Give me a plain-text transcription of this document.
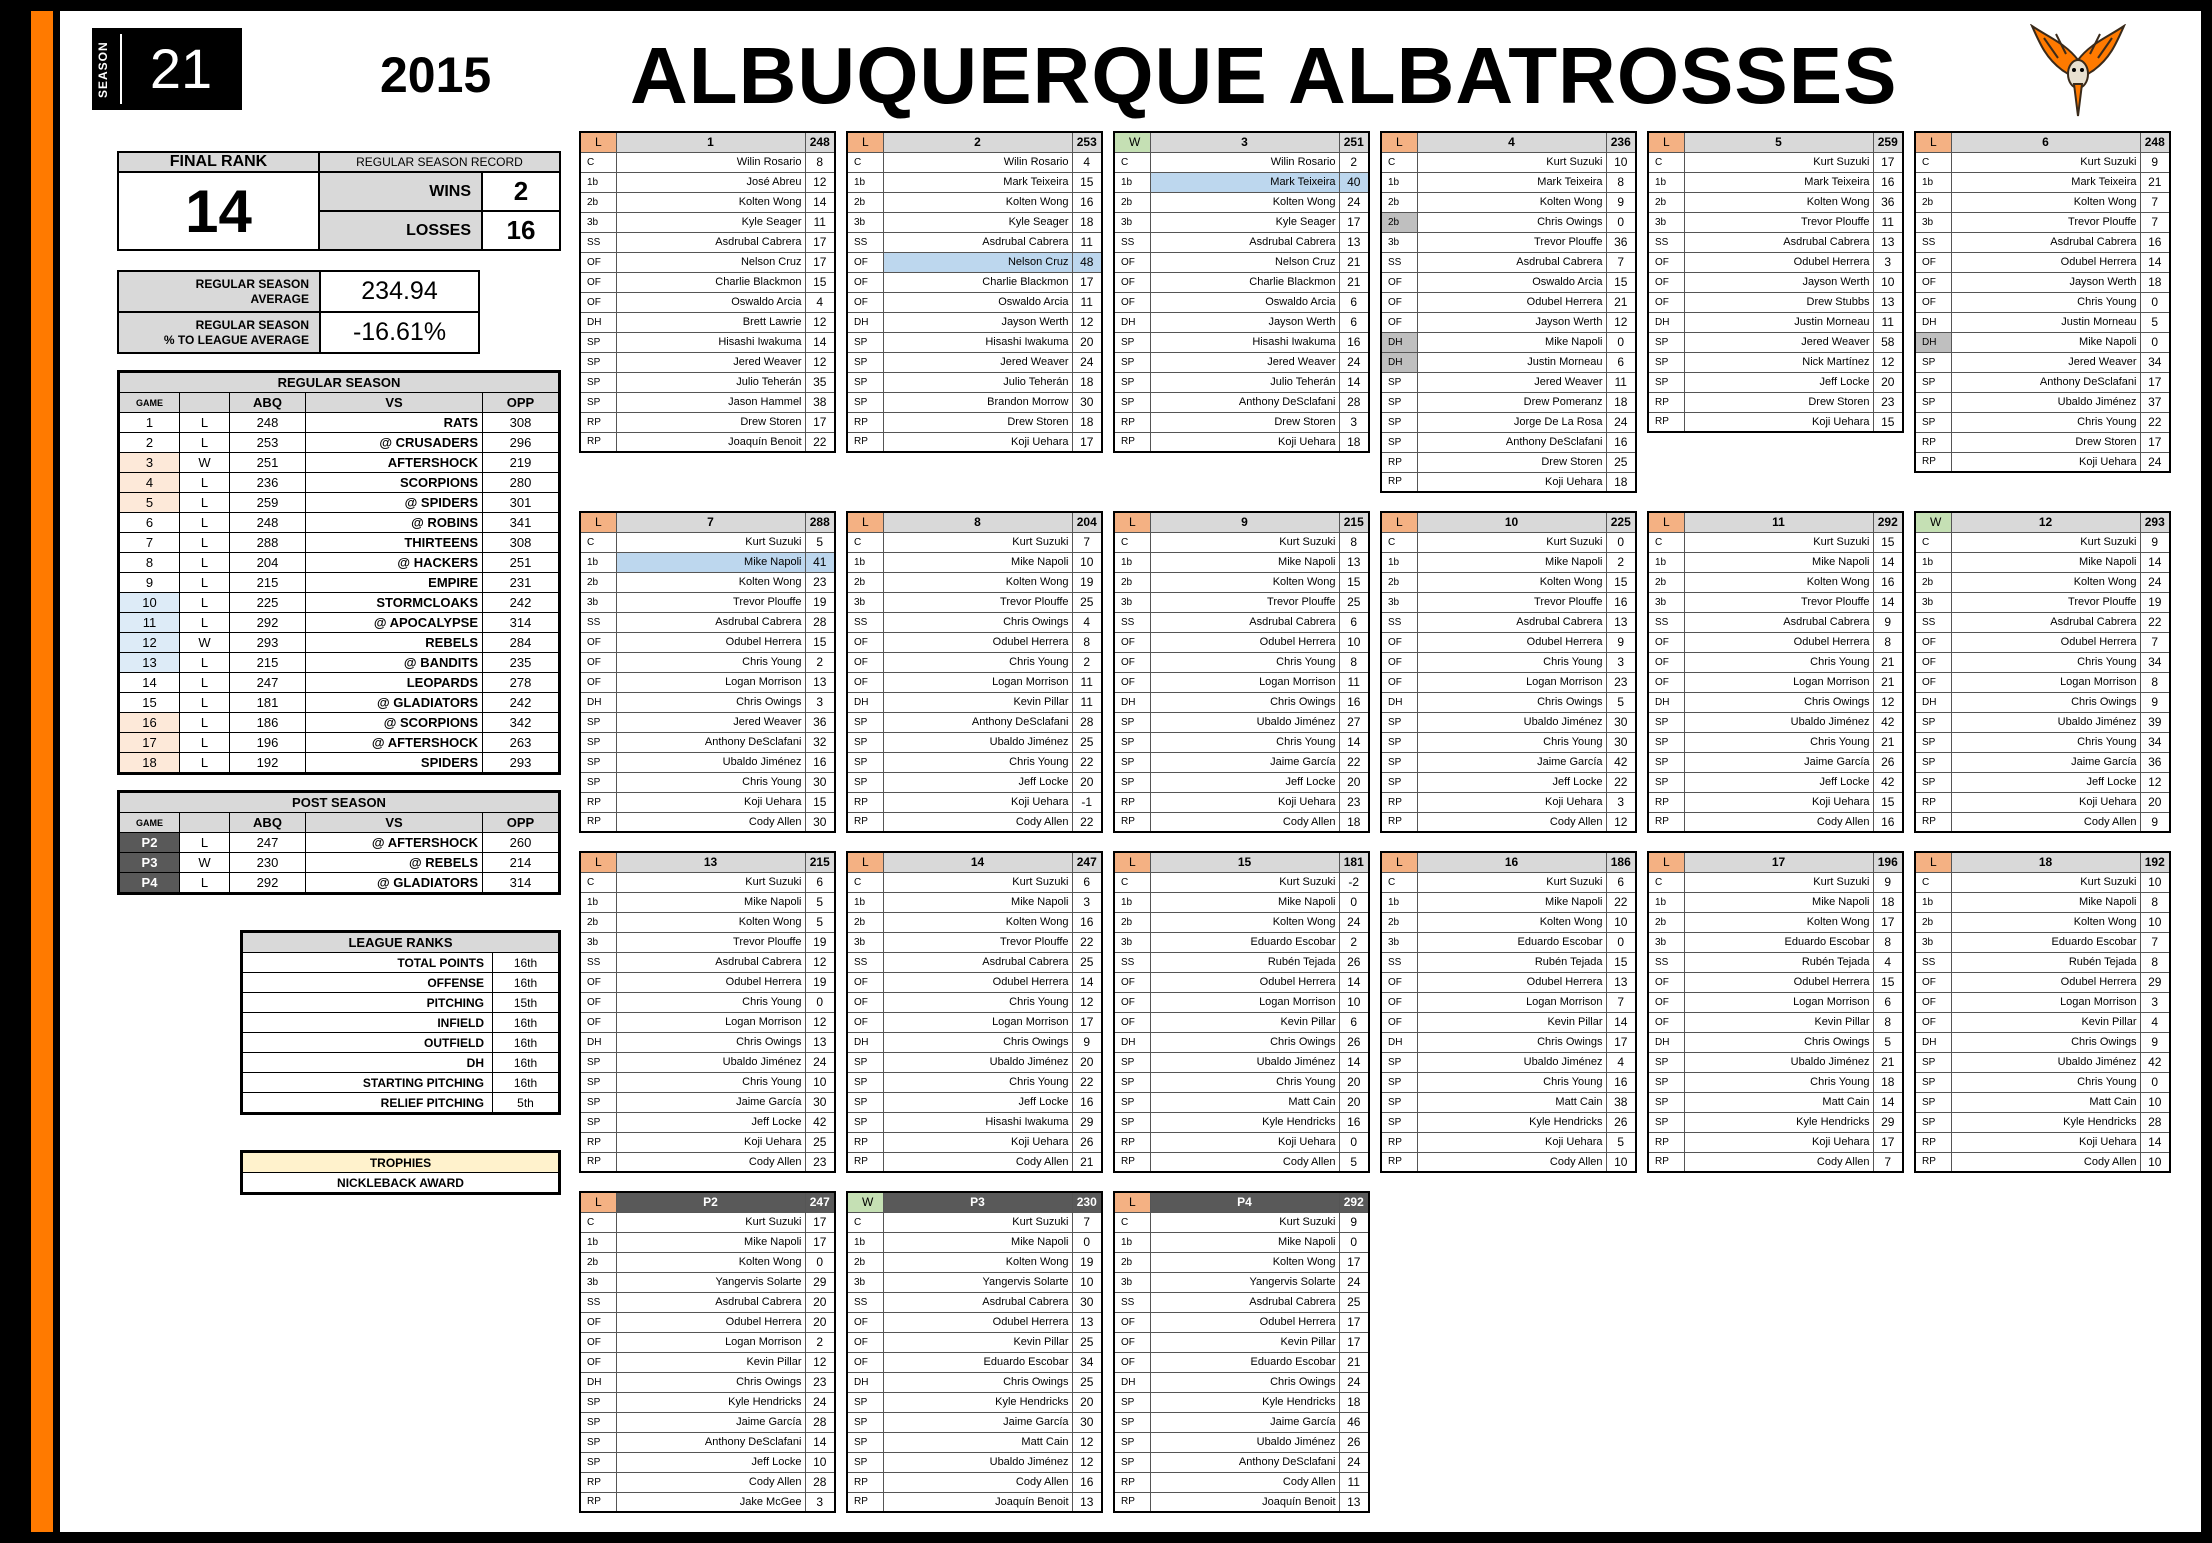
SEASON 21	2015 ALBUQUERQUE ALBATROSSES
FINAL RANK	REGULAR SEASON RECORD	
14	WINS	2
	LOSSES	16
REGULAR SEASON
AVERAGE	234.94

REGULAR SEASON
% TO LEAGUE AVERAGE	-16.61%
REGULAR SEASON				
GAME		ABQ	VS	OPP
1	L	248	RATS	308
2	L	253	@ CRUSADERS	296
3	W	251	AFTERSHOCK	219
4	L	236	SCORPIONS	280
5	L	259	@ SPIDERS	301
6	L	248	@ ROBINS	341
7	L	288	THIRTEENS	308
8	L	204	@ HACKERS	251
9	L	215	EMPIRE	231
10	L	225	STORMCLOAKS	242
11	L	292	@ APOCALYPSE	314
12	W	293	REBELS	284
13	L	215	@ BANDITS	235
14	L	247	LEOPARDS	278
15	L	181	@ GLADIATORS	242
16	L	186	@ SCORPIONS	342
17	L	196	@ AFTERSHOCK	263
18	L	192	SPIDERS	293
POST SEASON				
GAME		ABQ	VS	OPP
P2	L	247	@ AFTERSHOCK	260
P3	W	230	@ REBELS	214
P4	L	292	@ GLADIATORS	314
LEAGUE RANKS	
TOTAL POINTS	16th
OFFENSE	16th
PITCHING	15th
INFIELD	16th
OUTFIELD	16th
DH	16th
STARTING PITCHING	16th
RELIEF PITCHING	5th
TROPHIES
NICKLEBACK AWARD
L	1	248
C	Wilin Rosario	8
1b	José Abreu	12
2b	Kolten Wong	14
3b	Kyle Seager	11
SS	Asdrubal Cabrera	17
OF	Nelson Cruz	17
OF	Charlie Blackmon	15
OF	Oswaldo Arcia	4
DH	Brett Lawrie	12
SP	Hisashi Iwakuma	14
SP	Jered Weaver	12
SP	Julio Teherán	35
SP	Jason Hammel	38
RP	Drew Storen	17
RP	Joaquín Benoit	22
L	2	253
C	Wilin Rosario	4
1b	Mark Teixeira	15
2b	Kolten Wong	16
3b	Kyle Seager	18
SS	Asdrubal Cabrera	11
OF	Nelson Cruz	48
OF	Charlie Blackmon	17
OF	Oswaldo Arcia	11
DH	Jayson Werth	12
SP	Hisashi Iwakuma	20
SP	Jered Weaver	24
SP	Julio Teherán	18
SP	Brandon Morrow	30
RP	Drew Storen	18
RP	Koji Uehara	17
W	3	251
C	Wilin Rosario	2
1b	Mark Teixeira	40
2b	Kolten Wong	24
3b	Kyle Seager	17
SS	Asdrubal Cabrera	13
OF	Nelson Cruz	21
OF	Charlie Blackmon	21
OF	Oswaldo Arcia	6
DH	Jayson Werth	6
SP	Hisashi Iwakuma	16
SP	Jered Weaver	24
SP	Julio Teherán	14
SP	Anthony DeSclafani	28
RP	Drew Storen	3
RP	Koji Uehara	18
L	4	236
C	Kurt Suzuki	10
1b	Mark Teixeira	8
2b	Kolten Wong	9
2b	Chris Owings	0
3b	Trevor Plouffe	36
SS	Asdrubal Cabrera	7
OF	Oswaldo Arcia	15
OF	Odubel Herrera	21
OF	Jayson Werth	12
DH	Mike Napoli	0
DH	Justin Morneau	6
SP	Jered Weaver	11
SP	Drew Pomeranz	18
SP	Jorge De La Rosa	24
SP	Anthony DeSclafani	16
RP	Drew Storen	25
RP	Koji Uehara	18
L	5	259
C	Kurt Suzuki	17
1b	Mark Teixeira	16
2b	Kolten Wong	36
3b	Trevor Plouffe	11
SS	Asdrubal Cabrera	13
OF	Odubel Herrera	3
OF	Jayson Werth	10
OF	Drew Stubbs	13
DH	Justin Morneau	11
SP	Jered Weaver	58
SP	Nick Martínez	12
SP	Jeff Locke	20
RP	Drew Storen	23
RP	Koji Uehara	15
L	6	248
C	Kurt Suzuki	9
1b	Mark Teixeira	21
2b	Kolten Wong	7
3b	Trevor Plouffe	7
SS	Asdrubal Cabrera	16
OF	Odubel Herrera	14
OF	Jayson Werth	18
OF	Chris Young	0
DH	Justin Morneau	5
DH	Mike Napoli	0
SP	Jered Weaver	34
SP	Anthony DeSclafani	17
SP	Ubaldo Jiménez	37
SP	Chris Young	22
RP	Drew Storen	17
RP	Koji Uehara	24
L	7	288
C	Kurt Suzuki	5
1b	Mike Napoli	41
2b	Kolten Wong	23
3b	Trevor Plouffe	19
SS	Asdrubal Cabrera	28
OF	Odubel Herrera	15
OF	Chris Young	2
OF	Logan Morrison	13
DH	Chris Owings	3
SP	Jered Weaver	36
SP	Anthony DeSclafani	32
SP	Ubaldo Jiménez	16
SP	Chris Young	30
RP	Koji Uehara	15
RP	Cody Allen	30
L	8	204
C	Kurt Suzuki	7
1b	Mike Napoli	10
2b	Kolten Wong	19
3b	Trevor Plouffe	25
SS	Chris Owings	4
OF	Odubel Herrera	8
OF	Chris Young	2
OF	Logan Morrison	11
DH	Kevin Pillar	11
SP	Anthony DeSclafani	28
SP	Ubaldo Jiménez	25
SP	Chris Young	22
SP	Jeff Locke	20
RP	Koji Uehara	-1
RP	Cody Allen	22
L	9	215
C	Kurt Suzuki	8
1b	Mike Napoli	13
2b	Kolten Wong	15
3b	Trevor Plouffe	25
SS	Asdrubal Cabrera	6
OF	Odubel Herrera	10
OF	Chris Young	8
OF	Logan Morrison	11
DH	Chris Owings	16
SP	Ubaldo Jiménez	27
SP	Chris Young	14
SP	Jaime García	22
SP	Jeff Locke	20
RP	Koji Uehara	23
RP	Cody Allen	18
L	10	225
C	Kurt Suzuki	0
1b	Mike Napoli	2
2b	Kolten Wong	15
3b	Trevor Plouffe	16
SS	Asdrubal Cabrera	13
OF	Odubel Herrera	9
OF	Chris Young	3
OF	Logan Morrison	23
DH	Chris Owings	5
SP	Ubaldo Jiménez	30
SP	Chris Young	30
SP	Jaime García	42
SP	Jeff Locke	22
RP	Koji Uehara	3
RP	Cody Allen	12
L	11	292
C	Kurt Suzuki	15
1b	Mike Napoli	14
2b	Kolten Wong	16
3b	Trevor Plouffe	14
SS	Asdrubal Cabrera	9
OF	Odubel Herrera	8
OF	Chris Young	21
OF	Logan Morrison	21
DH	Chris Owings	12
SP	Ubaldo Jiménez	42
SP	Chris Young	21
SP	Jaime García	26
SP	Jeff Locke	42
RP	Koji Uehara	15
RP	Cody Allen	16
W	12	293
C	Kurt Suzuki	9
1b	Mike Napoli	14
2b	Kolten Wong	24
3b	Trevor Plouffe	19
SS	Asdrubal Cabrera	22
OF	Odubel Herrera	7
OF	Chris Young	34
OF	Logan Morrison	8
DH	Chris Owings	9
SP	Ubaldo Jiménez	39
SP	Chris Young	34
SP	Jaime García	36
SP	Jeff Locke	12
RP	Koji Uehara	20
RP	Cody Allen	9
L	13	215
C	Kurt Suzuki	6
1b	Mike Napoli	5
2b	Kolten Wong	5
3b	Trevor Plouffe	19
SS	Asdrubal Cabrera	12
OF	Odubel Herrera	19
OF	Chris Young	0
OF	Logan Morrison	12
DH	Chris Owings	13
SP	Ubaldo Jiménez	24
SP	Chris Young	10
SP	Jaime García	30
SP	Jeff Locke	42
RP	Koji Uehara	25
RP	Cody Allen	23
L	14	247
C	Kurt Suzuki	6
1b	Mike Napoli	3
2b	Kolten Wong	16
3b	Trevor Plouffe	22
SS	Asdrubal Cabrera	25
OF	Odubel Herrera	14
OF	Chris Young	12
OF	Logan Morrison	17
DH	Chris Owings	9
SP	Ubaldo Jiménez	20
SP	Chris Young	22
SP	Jeff Locke	16
SP	Hisashi Iwakuma	29
RP	Koji Uehara	26
RP	Cody Allen	21
L	15	181
C	Kurt Suzuki	-2
1b	Mike Napoli	0
2b	Kolten Wong	24
3b	Eduardo Escobar	2
SS	Rubén Tejada	26
OF	Odubel Herrera	14
OF	Logan Morrison	10
OF	Kevin Pillar	6
DH	Chris Owings	26
SP	Ubaldo Jiménez	14
SP	Chris Young	20
SP	Matt Cain	20
SP	Kyle Hendricks	16
RP	Koji Uehara	0
RP	Cody Allen	5
L	16	186
C	Kurt Suzuki	6
1b	Mike Napoli	22
2b	Kolten Wong	10
3b	Eduardo Escobar	0
SS	Rubén Tejada	15
OF	Odubel Herrera	13
OF	Logan Morrison	7
OF	Kevin Pillar	14
DH	Chris Owings	17
SP	Ubaldo Jiménez	4
SP	Chris Young	16
SP	Matt Cain	38
SP	Kyle Hendricks	26
RP	Koji Uehara	5
RP	Cody Allen	10
L	17	196
C	Kurt Suzuki	9
1b	Mike Napoli	18
2b	Kolten Wong	17
3b	Eduardo Escobar	8
SS	Rubén Tejada	4
OF	Odubel Herrera	15
OF	Logan Morrison	6
OF	Kevin Pillar	8
DH	Chris Owings	5
SP	Ubaldo Jiménez	21
SP	Chris Young	18
SP	Matt Cain	14
SP	Kyle Hendricks	29
RP	Koji Uehara	17
RP	Cody Allen	7
L	18	192
C	Kurt Suzuki	10
1b	Mike Napoli	8
2b	Kolten Wong	10
3b	Eduardo Escobar	7
SS	Rubén Tejada	8
OF	Odubel Herrera	29
OF	Logan Morrison	3
OF	Kevin Pillar	4
DH	Chris Owings	9
SP	Ubaldo Jiménez	42
SP	Chris Young	0
SP	Matt Cain	10
SP	Kyle Hendricks	28
RP	Koji Uehara	14
RP	Cody Allen	10
L	P2	247
C	Kurt Suzuki	17
1b	Mike Napoli	17
2b	Kolten Wong	0
3b	Yangervis Solarte	29
SS	Asdrubal Cabrera	20
OF	Odubel Herrera	20
OF	Logan Morrison	2
OF	Kevin Pillar	12
DH	Chris Owings	23
SP	Kyle Hendricks	24
SP	Jaime García	28
SP	Anthony DeSclafani	14
SP	Jeff Locke	10
RP	Cody Allen	28
RP	Jake McGee	3
W	P3	230
C	Kurt Suzuki	7
1b	Mike Napoli	0
2b	Kolten Wong	19
3b	Yangervis Solarte	10
SS	Asdrubal Cabrera	30
OF	Odubel Herrera	13
OF	Kevin Pillar	25
OF	Eduardo Escobar	34
DH	Chris Owings	25
SP	Kyle Hendricks	20
SP	Jaime García	30
SP	Matt Cain	12
SP	Ubaldo Jiménez	12
RP	Cody Allen	16
RP	Joaquín Benoit	13
L	P4	292
C	Kurt Suzuki	9
1b	Mike Napoli	0
2b	Kolten Wong	17
3b	Yangervis Solarte	24
SS	Asdrubal Cabrera	25
OF	Odubel Herrera	17
OF	Kevin Pillar	17
OF	Eduardo Escobar	21
DH	Chris Owings	24
SP	Kyle Hendricks	18
SP	Jaime García	46
SP	Ubaldo Jiménez	26
SP	Anthony DeSclafani	24
RP	Cody Allen	11
RP	Joaquín Benoit	13
